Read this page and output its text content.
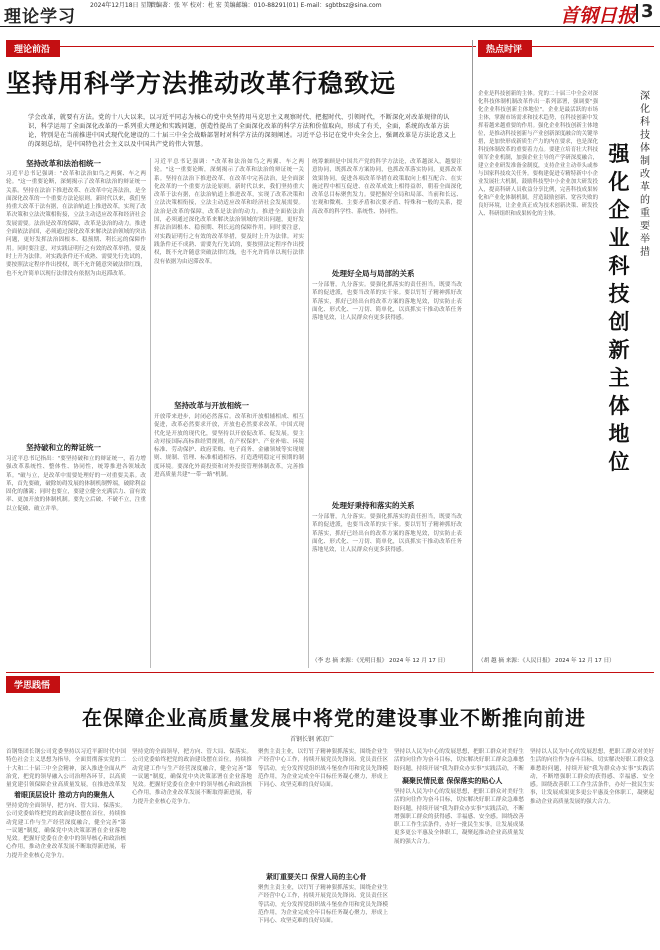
理论学习
2024年12月18日 星期三
责编著：张 军 校对：杜 宏 美编邮编：010-88291(01) E-mail：sgbtbsz@sina.com	首钢日报 3
理论前沿
坚持用科学方法推动改革行稳致远
学会改革，就要有方法。党的十八大以来，以习近平同志为核心的党中央坚持用马克思主义观察时代、把握时代、引领时代，不断深化对改革规律的认识，科学运用了全面深化改革的一系列重大理论和实践问题，创造性提出了全面深化改革的科学方法和价值取向，形成了有关，全面，系统的改革方法论，特别是在当前推进中国式现代化建设的二十届三中全会战略部署时对科学方法的深刻阐述。习近平总书记在党中央全会上，强调改革是方法论意义上的深刻总结，是中国特色社会主义以及中国共产党的伟大智慧。
坚持改革和法治相统一
习近平总书记强调："改革和法治如鸟之两翼、车之两轮。"这一重要论断，深刻揭示了改革和法治的辩证统一关系。坚持在法治下推进改革、在改革中完善法治，是全面深化改革的一个重要方法论原则。新时代以来，我们坚持重大改革于法有据，在法治轨道上推进改革，实现了改革决策和立法决策相衔接，立法主动适应改革和经济社会发展需要。法治是改革的保障，改革是法治的动力。推进全面依法治国，必须通过深化改革来解决法治领域的突出问题，更好发挥法治固根本、稳预期、利长远的保障作用。同时要注意，对实践证明行之有效的改革举措，要及时上升为法律。对实践条件还不成熟、需要先行先试的，要按照法定程序作出授权，既不允许随意突破法律红线，也不允许简单以现行法律没有依据为由迟滞改革。
坚持破和立的辩证统一
习近平总书记指出："要坚持破和立的辩证统一，着力增强改革系统性、整体性、协同性，统筹推进各领域改革。"破与立，是改革中需要处理好的一对重要关系。改革，首先要破，破除妨碍发展的体制机制弊端，破除利益固化的藩篱；同时也要立，要建立健全充满活力、富有效率、更加开放的体制机制。要先立后破、不破不立，注重以立促破、破立并举。
习近平总书记强调："改革和法治如鸟之两翼、车之两轮。"这一重要论断，深刻揭示了改革和法治的辩证统一关系。坚持在法治下推进改革、在改革中完善法治，是全面深化改革的一个重要方法论原则。新时代以来，我们坚持重大改革于法有据，在法治轨道上推进改革，实现了改革决策和立法决策相衔接，立法主动适应改革和经济社会发展需要。法治是改革的保障，改革是法治的动力。推进全面依法治国，必须通过深化改革来解决法治领域的突出问题，更好发挥法治固根本、稳预期、利长远的保障作用。同时要注意，对实践证明行之有效的改革举措，要及时上升为法律。对实践条件还不成熟、需要先行先试的，要按照法定程序作出授权，既不允许随意突破法律红线，也不允许简单以现行法律没有依据为由迟滞改革。
坚持改革与开放相统一
开放带来进步，封闭必然落后。改革和开放相辅相成、相互促进，改革必然要求开放，开放也必然要求改革。中国式现代化是开放的现代化，要坚持以开放促改革、促发展。要主动对接国际高标准经贸规则，在产权保护、产业补贴、环境标准、劳动保护、政府采购、电子商务、金融领域等实现规则、规制、管理、标准相通相容，打造透明稳定可预期的制度环境。要深化外商投资和对外投资管理体制改革，完善推进高质量共建"一带一路"机制。
统筹兼顾是中国共产党的科学方法论，改革越深入，越要注意协同，既抓改革方案协同，也抓改革落实协同，更抓改革效果协同，促进各项改革举措在政策取向上相互配合、在实施过程中相互促进、在改革成效上相得益彰，朝着全面深化改革总目标聚焦发力。要把握好全局和局部、当前和长远、宏观和微观、主要矛盾和次要矛盾、特殊和一般的关系，提高改革的科学性、系统性、协同性。
处理好全局与局部的关系
一分部署，九分落实。要强化抓落实的责任担当，既要当改革的促进派，也要当改革的实干家。要以钉钉子精神抓好改革落实，抓好已经出台的改革方案的落地见效，切实防止表面化、形式化、一刀切、简单化，以真抓实干推动改革任务落地见效，让人民群众有更多获得感。
处理好秉持和落实的关系
一分部署，九分落实。要强化抓落实的责任担当，既要当改革的促进派，也要当改革的实干家。要以钉钉子精神抓好改革落实，抓好已经出台的改革方案的落地见效，切实防止表面化、形式化、一刀切、简单化，以真抓实干推动改革任务落地见效，让人民群众有更多获得感。
（李 忠 摘 来源：《光明日报》 2024 年 12 月 17 日）
热点时评
企业是科技创新的主体。党的二十届三中全会对深化科技体制机制改革作出一系列部署，强调要"强化企业科技创新主体地位"。企业是最活跃的市场主体，掌握市场需求和技术趋势，在科技创新中发挥着越来越重要的作用。强化企业科技创新主体地位，是推动科技创新与产业创新深度融合的关键举措，是加快形成新质生产力的内在要求，也是深化科技体制改革的重要着力点。要建立培育壮大科技领军企业机制，加强企业主导的产学研深度融合，建立企业研发准备金制度，支持企业主动牵头或参与国家科技攻关任务。要构建促进专精特新中小企业发展壮大机制，鼓励科技型中小企业加大研发投入，提高科研人员收益分享比例，完善科技成果转化和产业化体制机制，营造鼓励创新、宽容失败的良好环境，让企业真正成为技术创新决策、研发投入、科研组织和成果转化的主体。
强化企业科技创新主体地位
深化科技体制改革的重要举措
（胡 越 摘 来源：《人民日报》 2024 年 12 月 17 日）
学思践悟
在保障企业高质量发展中将党的建设事业不断推向前进
首钢长钢 郭京广
首钢集团长钢公司党委坚持以习近平新时代中国特色社会主义思想为指导，全面贯彻落实党的二十大和二十届三中全会精神，深入推进全面从严治党，把党的领导融入公司治理各环节，以高质量党建引领保障企业高质量发展，在推进改革发
着眼顶层设计 推动方向的聚焦人
坚持党的全面领导，把方向、管大局、保落实。公司党委始终把党的政治建设摆在首位，持续推动党建工作与生产经营深度融合，健全完善"第一议题"制度，确保党中央决策部署在企业落地见效。把握好党委在企业中的领导核心和政治核心作用，推动企业改革发展不断取得新进展，着力提升企业核心竞争力。
坚持党的全面领导，把方向、管大局、保落实。公司党委始终把党的政治建设摆在首位，持续推动党建工作与生产经营深度融合，健全完善"第一议题"制度，确保党中央决策部署在企业落地见效。把握好党委在企业中的领导核心和政治核心作用，推动企业改革发展不断取得新进展，着力提升企业核心竞争力。
聚焦主责主业，以钉钉子精神狠抓落实，围绕企业生产经营中心工作，持续开展党员先锋岗、党员责任区等活动，充分发挥党组织战斗堡垒作用和党员先锋模范作用，为企业完成全年目标任务凝心聚力，形成上下同心、攻坚克难的良好局面。
紧盯重要关口 保营人局的主心骨
聚焦主责主业，以钉钉子精神狠抓落实，围绕企业生产经营中心工作，持续开展党员先锋岗、党员责任区等活动，充分发挥党组织战斗堡垒作用和党员先锋模范作用，为企业完成全年目标任务凝心聚力，形成上下同心、攻坚克难的良好局面。
坚持以人民为中心的发展思想，把职工群众对美好生活的向往作为奋斗目标，切实解决好职工群众急难愁盼问题，持续开展"我为群众办实事"实践活动，不断
凝聚民情民意 保保落实的贴心人
坚持以人民为中心的发展思想，把职工群众对美好生活的向往作为奋斗目标，切实解决好职工群众急难愁盼问题，持续开展"我为群众办实事"实践活动，不断增强职工群众的获得感、幸福感、安全感。围绕改善职工工作生活条件，办好一批民生实事，让发展成果更多更公平惠及全体职工，凝聚起推动企业高质量发展的强大合力。
坚持以人民为中心的发展思想，把职工群众对美好生活的向往作为奋斗目标，切实解决好职工群众急难愁盼问题，持续开展"我为群众办实事"实践活动，不断增强职工群众的获得感、幸福感、安全感。围绕改善职工工作生活条件，办好一批民生实事，让发展成果更多更公平惠及全体职工，凝聚起推动企业高质量发展的强大合力。
